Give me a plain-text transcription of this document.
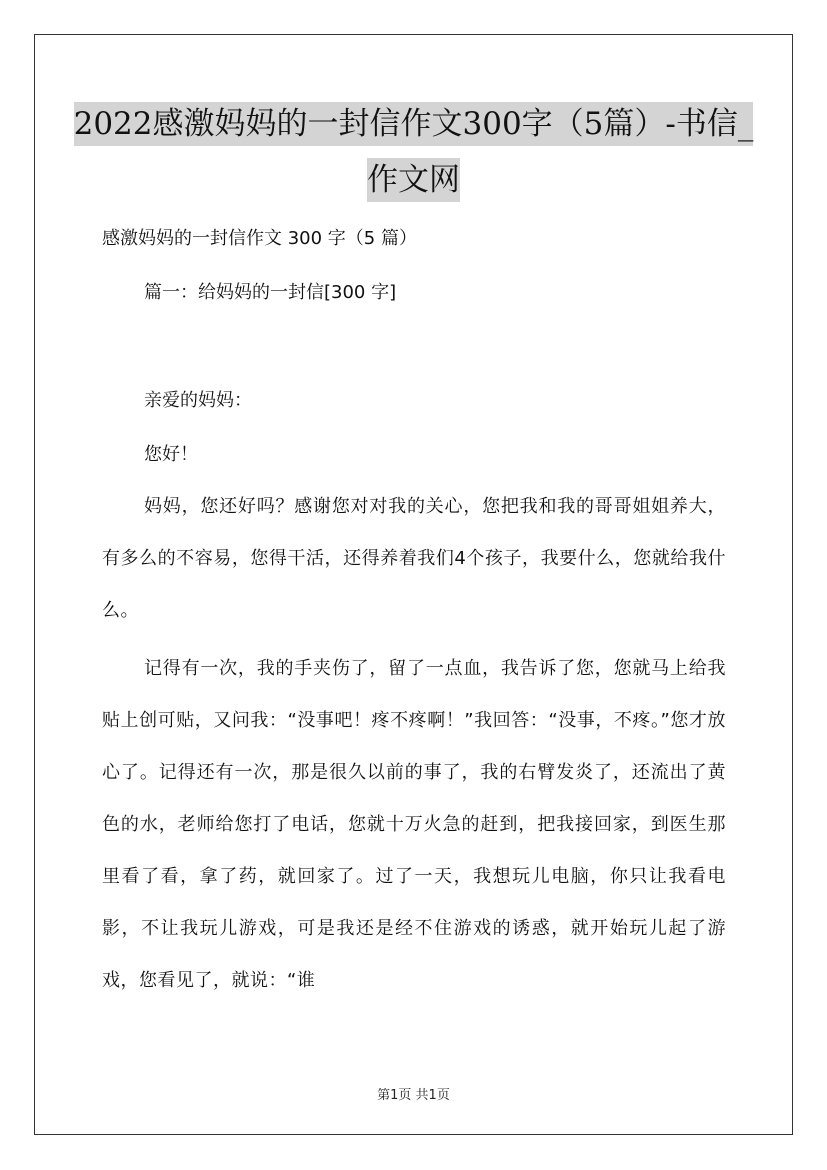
2022感激妈妈的一封信作文300字（5篇）-书信_作文网

感激妈妈的一封信作文 300 字（5 篇）

篇一：给妈妈的一封信[300 字]

亲爱的妈妈：

您好！

妈妈，您还好吗？感谢您对对我的关心，您把我和我的哥哥姐姐养大，有多么的不容易，您得干活，还得养着我们4个孩子，我要什么，您就给我什么。

记得有一次，我的手夹伤了，留了一点血，我告诉了您，您就马上给我贴上创可贴，又问我：“没事吧！疼不疼啊！”我回答：“没事，不疼。”您才放心了。记得还有一次，那是很久以前的事了，我的右臂发炎了，还流出了黄色的水，老师给您打了电话，您就十万火急的赶到，把我接回家，到医生那里看了看，拿了药，就回家了。过了一天，我想玩儿电脑，你只让我看电影，不让我玩儿游戏，可是我还是经不住游戏的诱惑，就开始玩儿起了游戏，您看见了，就说：“谁

第1页 共1页
